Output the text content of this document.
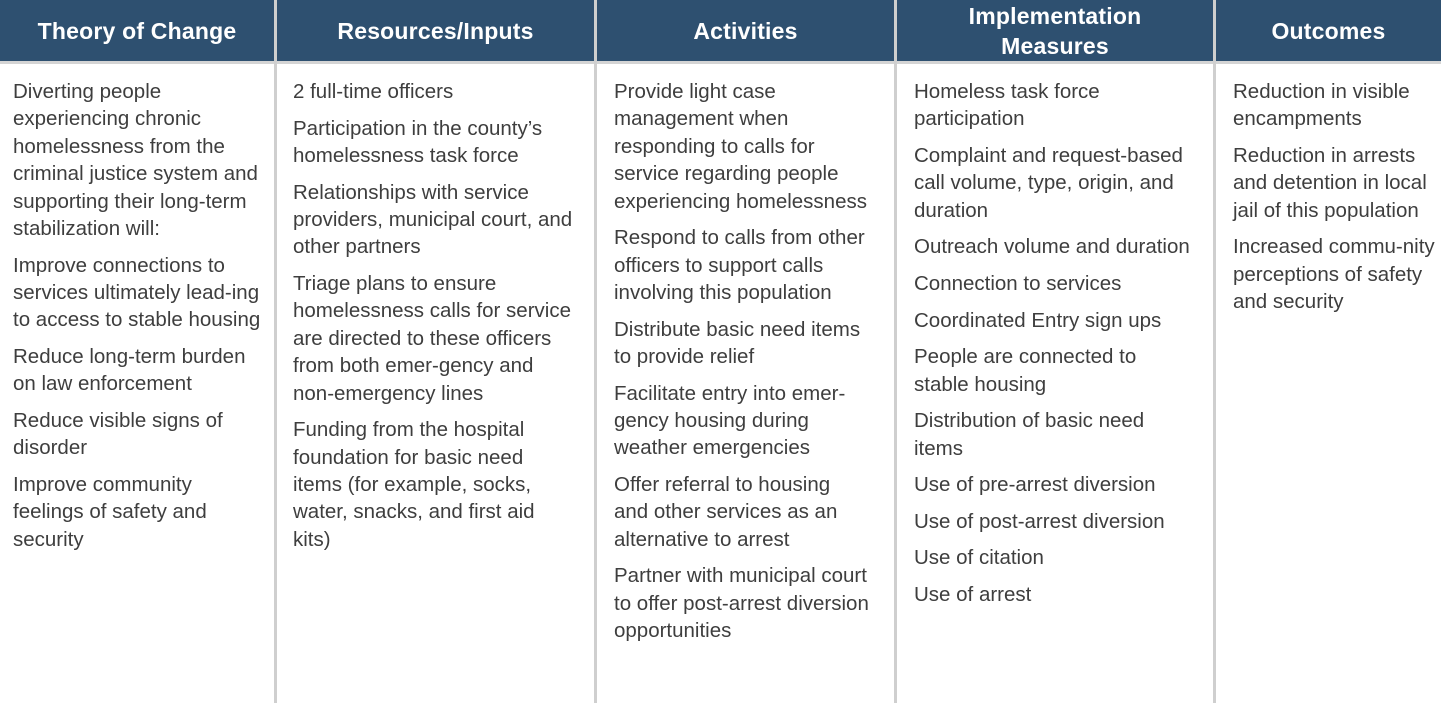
Theory of Change	Resources/Inputs	Activities
Implementation
Measures
Outcomes
Diverting people experiencing chronic homelessness from the criminal justice system and supporting their long-term stabilization will:
Improve connections to services ultimately lead-ing to access to stable housing
Reduce long-term burden on law enforcement
Reduce visible signs of disorder
Improve community feelings of safety and security
2 full-time officers
Participation in the county’s homelessness task force
Relationships with service providers, municipal court, and other partners
Triage plans to ensure homelessness calls for service are directed to these officers from both emer-gency and non-emergency lines
Funding from the hospital foundation for basic need items (for example, socks, water, snacks, and first aid kits)
Provide light case management when responding to calls for service regarding people experiencing homelessness
Respond to calls from other officers to support calls involving this population
Distribute basic need items to provide relief
Facilitate entry into emer-gency housing during weather emergencies
Offer referral to housing and other services as an alternative to arrest
Partner with municipal court to offer post-arrest diversion opportunities
Homeless task force participation
Complaint and request-based call volume, type, origin, and duration
Outreach volume and duration
Connection to services
Coordinated Entry sign ups
People are connected to stable housing
Distribution of basic need items
Use of pre-arrest diversion
Use of post-arrest diversion
Use of citation
Use of arrest
Reduction in visible encampments
Reduction in arrests and detention in local jail of this population
Increased commu-nity perceptions of safety and security
